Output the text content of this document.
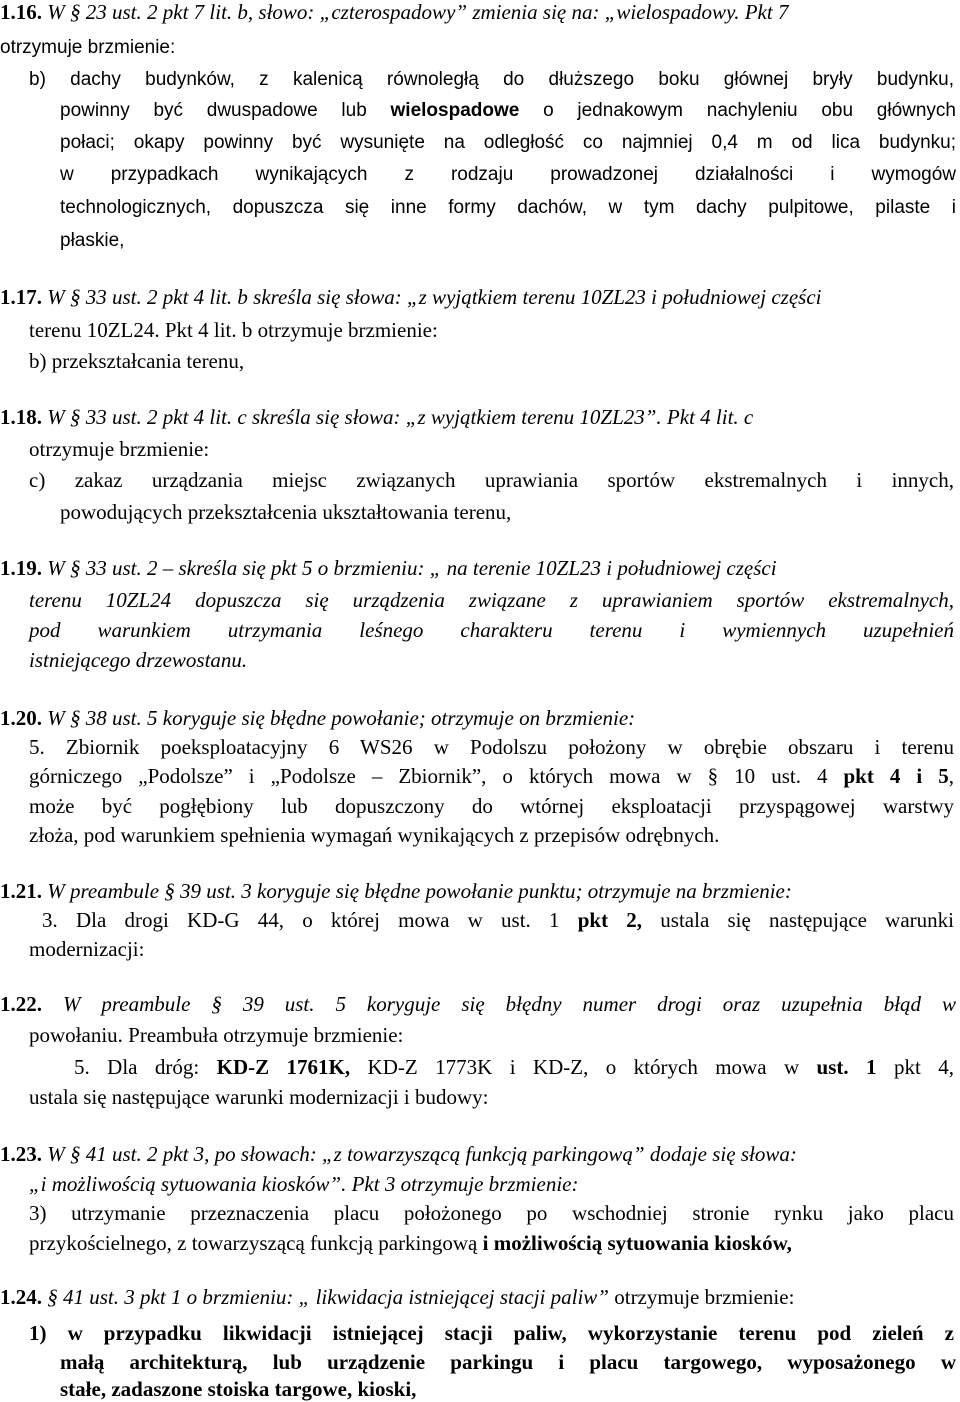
1.16. W § 23 ust. 2 pkt 7 lit. b, słowo: „czterospadowy” zmienia się na: „wielospadowy. Pkt 7
otrzymuje brzmienie:
b) dachy budynków, z kalenicą równoległą do dłuższego boku głównej bryły budynku,
powinny być dwuspadowe lub wielospadowe o jednakowym nachyleniu obu głównych
połaci; okapy powinny być wysunięte na odległość co najmniej 0,4 m od lica budynku;
w przypadkach wynikających z rodzaju prowadzonej działalności i wymogów
technologicznych, dopuszcza się inne formy dachów, w tym dachy pulpitowe, pilaste i
płaskie,
1.17. W § 33 ust. 2 pkt 4 lit. b skreśla się słowa: „z wyjątkiem terenu 10ZL23 i południowej części
terenu 10ZL24. Pkt 4 lit. b otrzymuje brzmienie:
b) przekształcania terenu,
1.18. W § 33 ust. 2 pkt 4 lit. c skreśla się słowa: „z wyjątkiem terenu 10ZL23”. Pkt 4 lit. c
otrzymuje brzmienie:
c) zakaz urządzania miejsc związanych uprawiania sportów ekstremalnych i innych,
powodujących przekształcenia ukształtowania terenu,
1.19. W § 33 ust. 2 – skreśla się pkt 5 o brzmieniu: „ na terenie 10ZL23 i południowej części
terenu 10ZL24 dopuszcza się urządzenia związane z uprawianiem sportów ekstremalnych,
pod warunkiem utrzymania leśnego charakteru terenu i wymiennych uzupełnień
istniejącego drzewostanu.
1.20. W § 38 ust. 5 koryguje się błędne powołanie; otrzymuje on brzmienie:
5. Zbiornik poeksploatacyjny 6 WS26 w Podolszu położony w obrębie obszaru i terenu
górniczego „Podolsze” i „Podolsze – Zbiornik”, o których mowa w § 10 ust. 4 pkt 4 i 5,
może być pogłębiony lub dopuszczony do wtórnej eksploatacji przyspągowej warstwy
złoża, pod warunkiem spełnienia wymagań wynikających z przepisów odrębnych.
1.21. W preambule § 39 ust. 3 koryguje się błędne powołanie punktu; otrzymuje na brzmienie:
3. Dla drogi KD-G 44, o której mowa w ust. 1 pkt 2, ustala się następujące warunki
modernizacji:
1.22. W preambule § 39 ust. 5 koryguje się błędny numer drogi oraz uzupełnia błąd w
powołaniu. Preambuła otrzymuje brzmienie:
5. Dla dróg: KD-Z 1761K, KD-Z 1773K i KD-Z, o których mowa w ust. 1 pkt 4,
ustala się następujące warunki modernizacji i budowy:
1.23. W § 41 ust. 2 pkt 3, po słowach: „z towarzyszącą funkcją parkingową” dodaje się słowa:
„i możliwością sytuowania kiosków”. Pkt 3 otrzymuje brzmienie:
3) utrzymanie przeznaczenia placu położonego po wschodniej stronie rynku jako placu
przykościelnego, z towarzyszącą funkcją parkingową i możliwością sytuowania kiosków,
1.24. § 41 ust. 3 pkt 1 o brzmieniu: „ likwidacja istniejącej stacji paliw” otrzymuje brzmienie:
1) w przypadku likwidacji istniejącej stacji paliw, wykorzystanie terenu pod zieleń z
małą architekturą, lub urządzenie parkingu i placu targowego, wyposażonego w
stałe, zadaszone stoiska targowe, kioski,
